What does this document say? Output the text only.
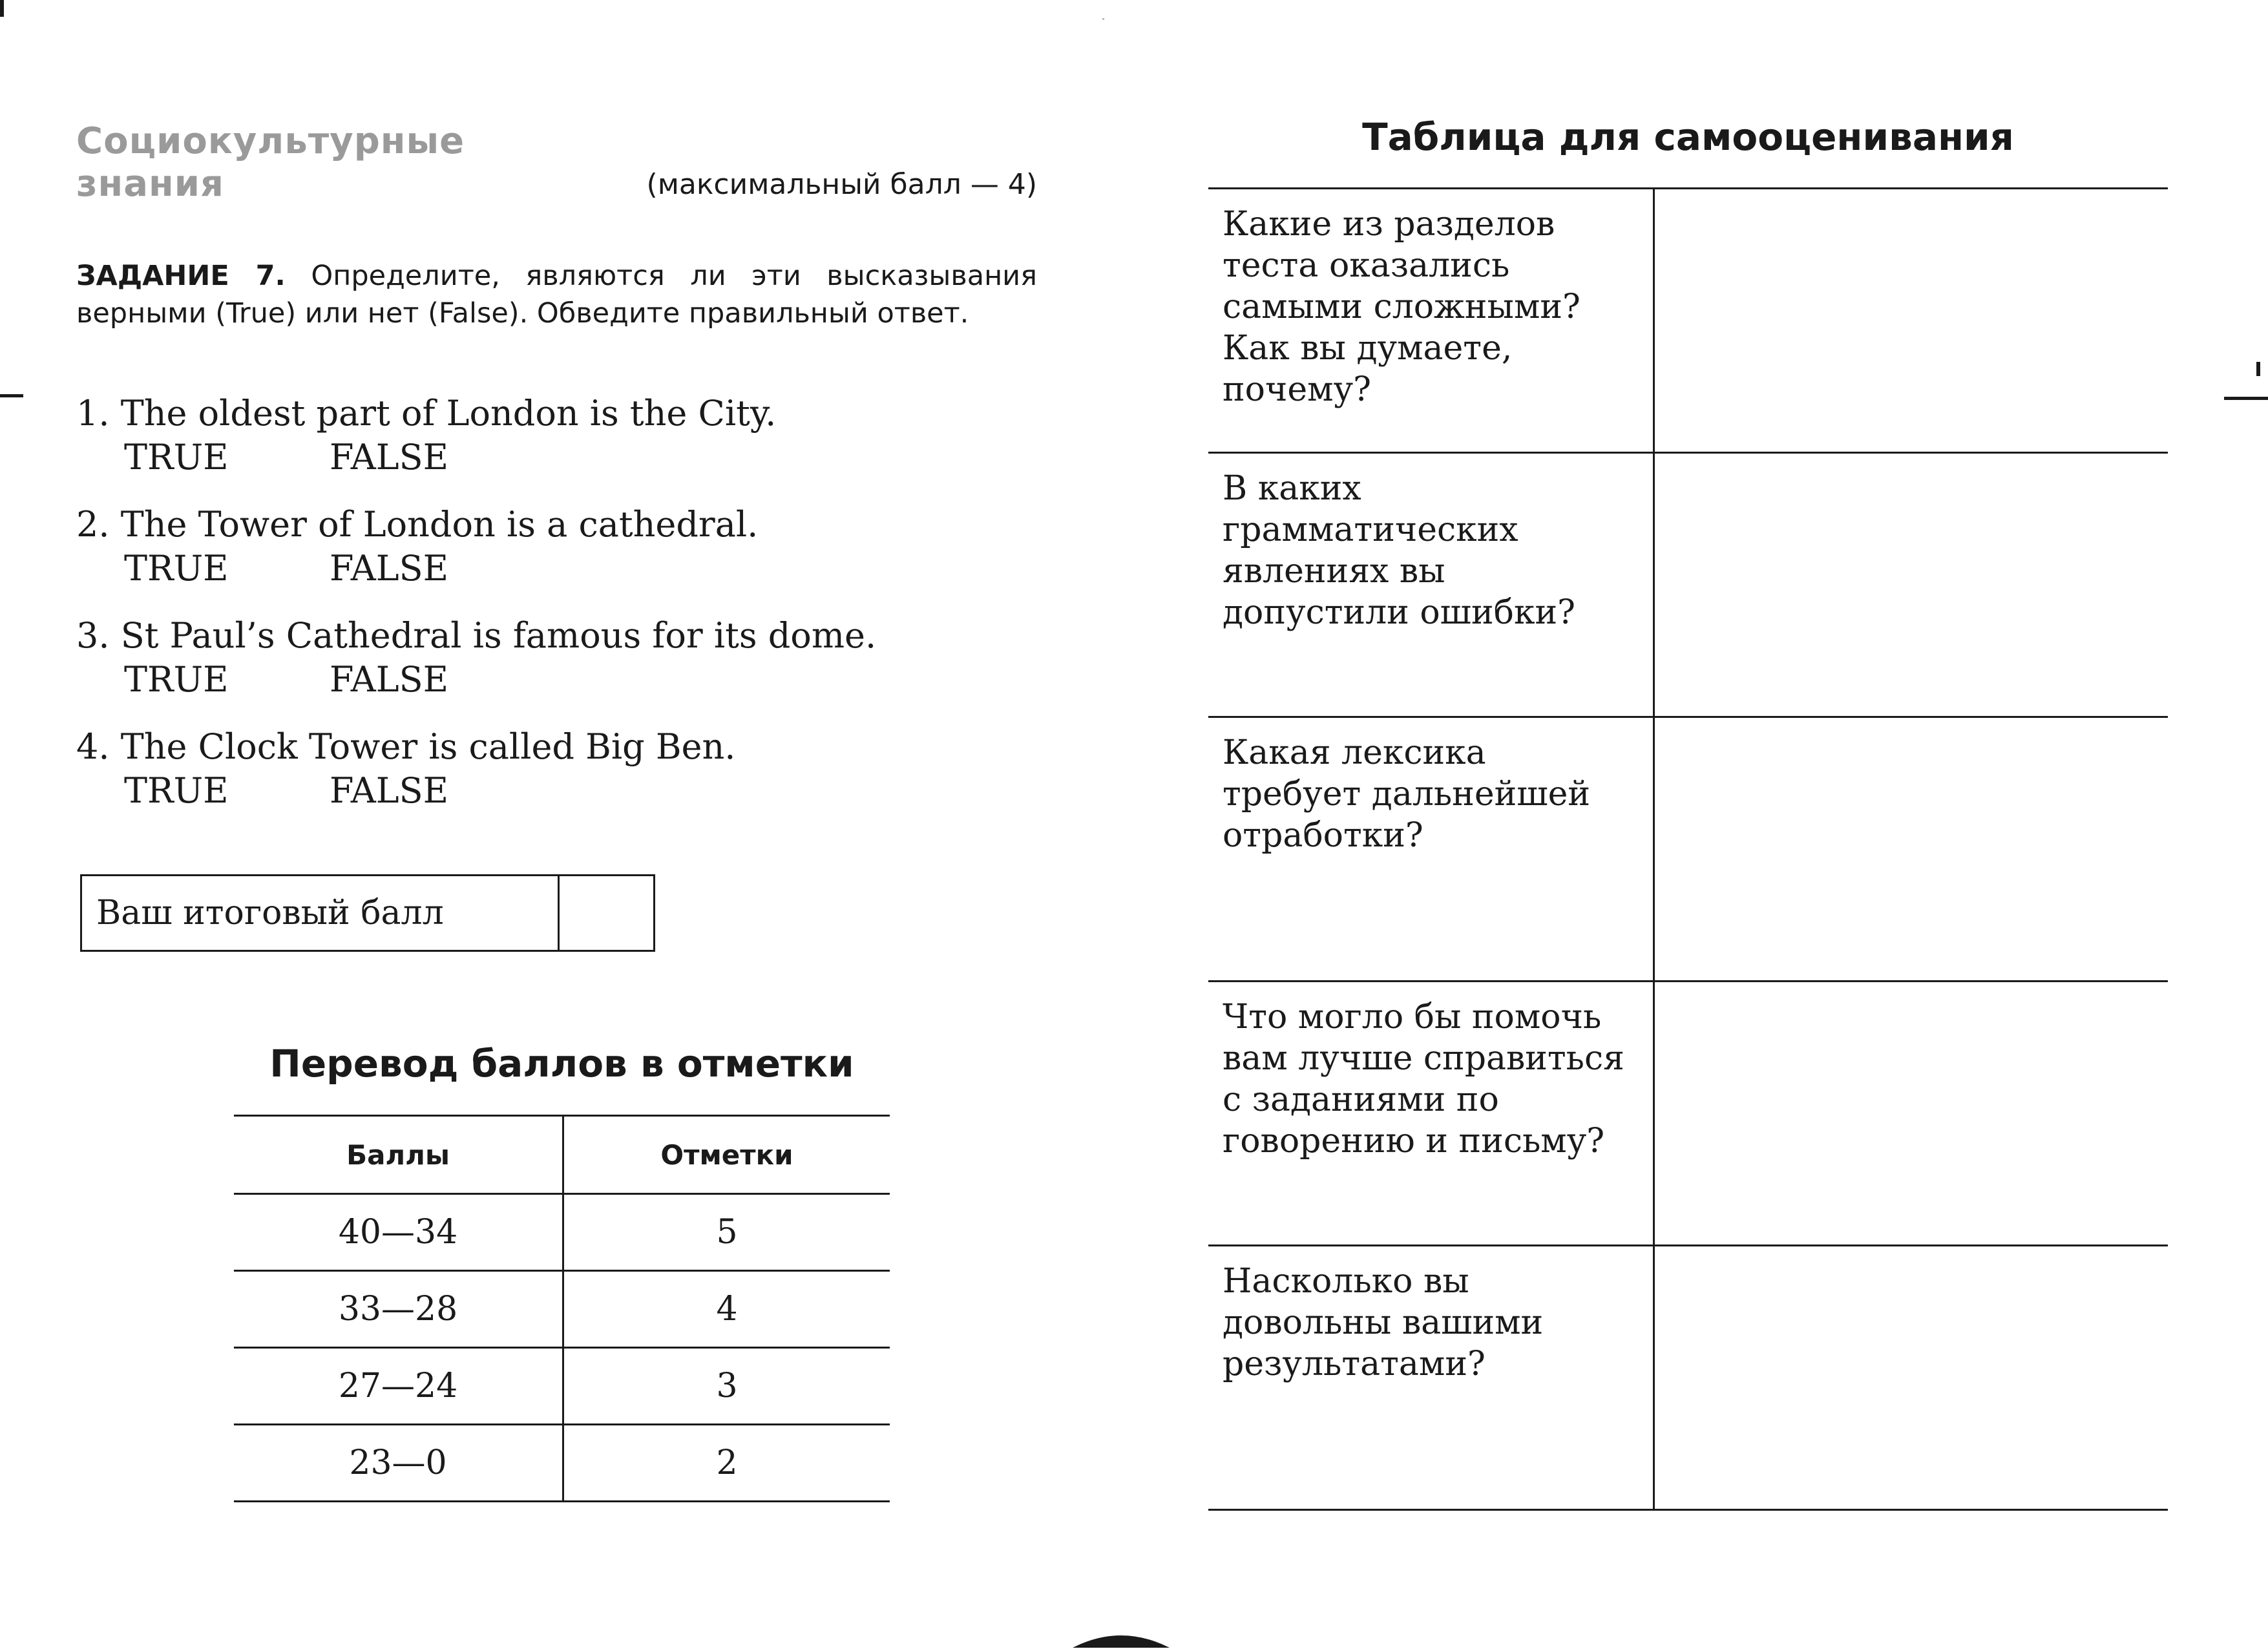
Социокультурные
знания	(максимальный балл — 4)
ЗАДАНИЕ 7. Определите, являются ли эти высказывания верными (True) или нет (False). Обведите правильный ответ.
1. The oldest part of London is the City.
TRUE	FALSE
2. The Tower of London is a cathedral.
TRUE	FALSE
3. St Paul’s Cathedral is famous for its dome.
TRUE	FALSE
4. The Clock Tower is called Big Ben.
TRUE	FALSE
Ваш итоговый балл
Перевод баллов в отметки
Баллы	Отметки
40—34	5
33—28	4
27—24	3
23—0	2
Таблица для самооценивания
Какие из разделов
теста оказались
самыми сложными?
Как вы думаете,
почему?	

В каких
грамматических
явлениях вы
допустили ошибки?	

Какая лексика
требует дальнейшей
отработки?	

Что могло бы помочь
вам лучше справиться
с заданиями по
говорению и письму?	

Насколько вы
довольны вашими
результатами?	
